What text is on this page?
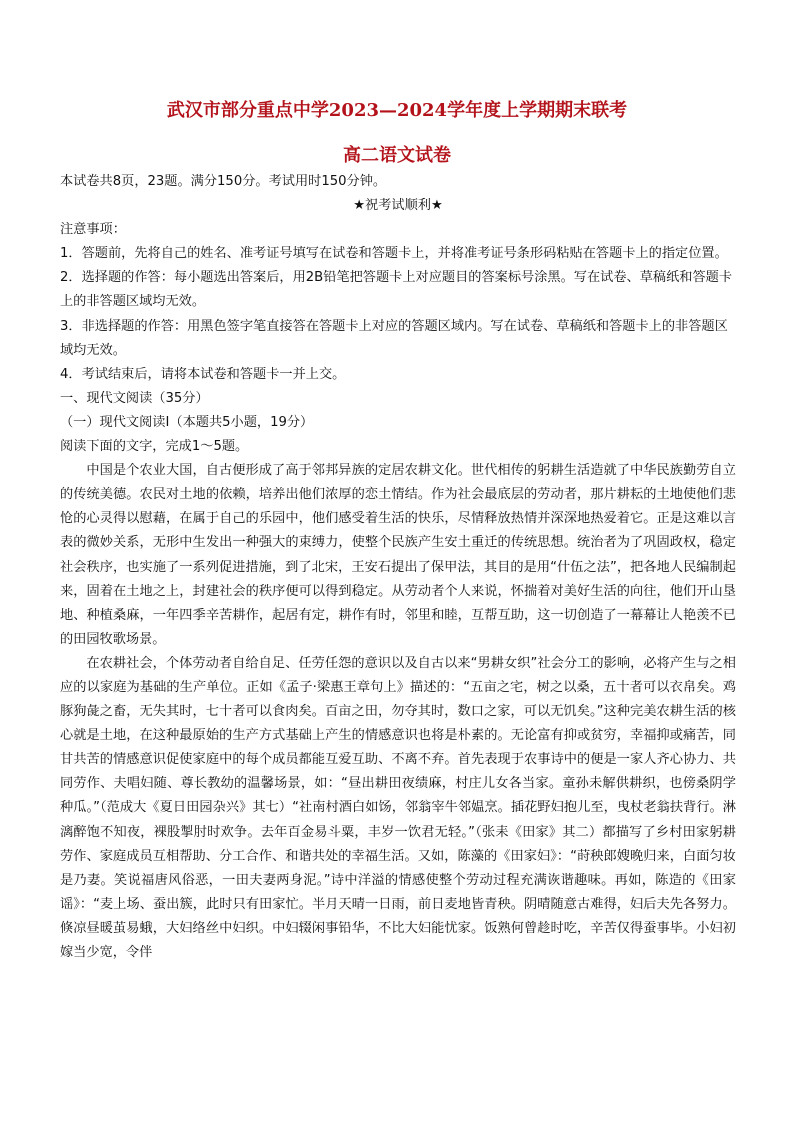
武汉市部分重点中学2023—2024学年度上学期期末联考
高二语文试卷

本试卷共8页，23题。满分150分。考试用时150分钟。

★祝考试顺利★

注意事项：

1．答题前，先将自己的姓名、准考证号填写在试卷和答题卡上，并将准考证号条形码粘贴在答题卡上的指定位置。

2．选择题的作答：每小题选出答案后，用2B铅笔把答题卡上对应题目的答案标号涂黑。写在试卷、草稿纸和答题卡上的非答题区域均无效。

3．非选择题的作答：用黑色签字笔直接答在答题卡上对应的答题区域内。写在试卷、草稿纸和答题卡上的非答题区域均无效。

4．考试结束后，请将本试卷和答题卡一并上交。

一、现代文阅读（35分）

（一）现代文阅读Ⅰ（本题共5小题，19分）

阅读下面的文字，完成1～5题。

中国是个农业大国，自古便形成了高于邻邦异族的定居农耕文化。世代相传的躬耕生活造就了中华民族勤劳自立的传统美德。农民对土地的依赖，培养出他们浓厚的恋土情结。作为社会最底层的劳动者，那片耕耘的土地使他们悲怆的心灵得以慰藉，在属于自己的乐园中，他们感受着生活的快乐，尽情释放热情并深深地热爱着它。正是这难以言表的微妙关系，无形中生发出一种强大的束缚力，使整个民族产生安土重迁的传统思想。统治者为了巩固政权，稳定社会秩序，也实施了一系列促进措施，到了北宋，王安石提出了保甲法，其目的是用“什伍之法”，把各地人民编制起来，固着在土地之上，封建社会的秩序便可以得到稳定。从劳动者个人来说，怀揣着对美好生活的向往，他们开山垦地、种植桑麻，一年四季辛苦耕作，起居有定，耕作有时，邻里和睦，互帮互助，这一切创造了一幕幕让人艳羡不已的田园牧歌场景。

在农耕社会，个体劳动者自给自足、任劳任怨的意识以及自古以来“男耕女织”社会分工的影响，必将产生与之相应的以家庭为基础的生产单位。正如《孟子·梁惠王章句上》描述的：“五亩之宅，树之以桑，五十者可以衣帛矣。鸡豚狗彘之畜，无失其时，七十者可以食肉矣。百亩之田，勿夺其时，数口之家，可以无饥矣。”这种完美农耕生活的核心就是土地，在这种最原始的生产方式基础上产生的情感意识也将是朴素的。无论富有抑或贫穷，幸福抑或痛苦，同甘共苦的情感意识促使家庭中的每个成员都能互爱互助、不离不弃。首先表现于农事诗中的便是一家人齐心协力、共同劳作、夫唱妇随、尊长教幼的温馨场景，如：“昼出耕田夜绩麻，村庄儿女各当家。童孙未解供耕织，也傍桑阴学种瓜。”（范成大《夏日田园杂兴》其七）“社南村酒白如饧，邻翁宰牛邻媪烹。插花野妇抱儿至，曳杖老翁扶背行。淋漓醉饱不知夜，裸股掣肘时欢争。去年百金易斗粟，丰岁一饮君无轻。”（张耒《田家》其二）都描写了乡村田家躬耕劳作、家庭成员互相帮助、分工合作、和谐共处的幸福生活。又如，陈藻的《田家妇》：“莳秧郎嫂晚归来，白面匀妆是乃妻。笑说福唐风俗恶，一田夫妻两身泥。”诗中洋溢的情感使整个劳动过程充满诙谐趣味。再如，陈造的《田家谣》：“麦上场、蚕出簇，此时只有田家忙。半月天晴一日雨，前日麦地皆青秧。阴晴随意古难得，妇后夫先各努力。倏凉昼暖茧易蛾，大妇络丝中妇织。中妇辍闲事铅华，不比大妇能忧家。饭熟何曾趁时吃，辛苦仅得蚕事毕。小妇初嫁当少宽，令伴
